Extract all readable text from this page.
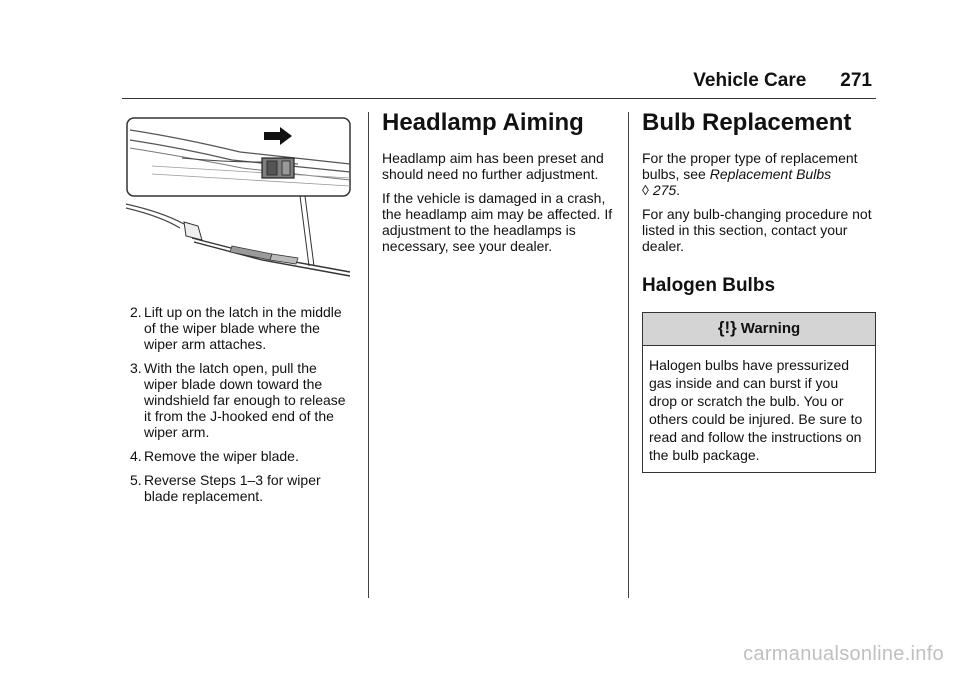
Vehicle Care 271
2. Lift up on the latch in the middle of the wiper blade where the wiper arm attaches.
3. With the latch open, pull the wiper blade down toward the windshield far enough to release it from the J-hooked end of the wiper arm.
4. Remove the wiper blade.
5. Reverse Steps 1–3 for wiper blade replacement.
Headlamp Aiming

Headlamp aim has been preset and should need no further adjustment.

If the vehicle is damaged in a crash, the headlamp aim may be affected. If adjustment to the headlamps is necessary, see your dealer.

Bulb Replacement

For the proper type of replacement bulbs, see Replacement Bulbs
◊ 275.

For any bulb-changing procedure not listed in this section, contact your dealer.

Halogen Bulbs
{!} Warning
Halogen bulbs have pressurized gas inside and can burst if you drop or scratch the bulb. You or others could be injured. Be sure to read and follow the instructions on the bulb package.
carmanualsonline.info
